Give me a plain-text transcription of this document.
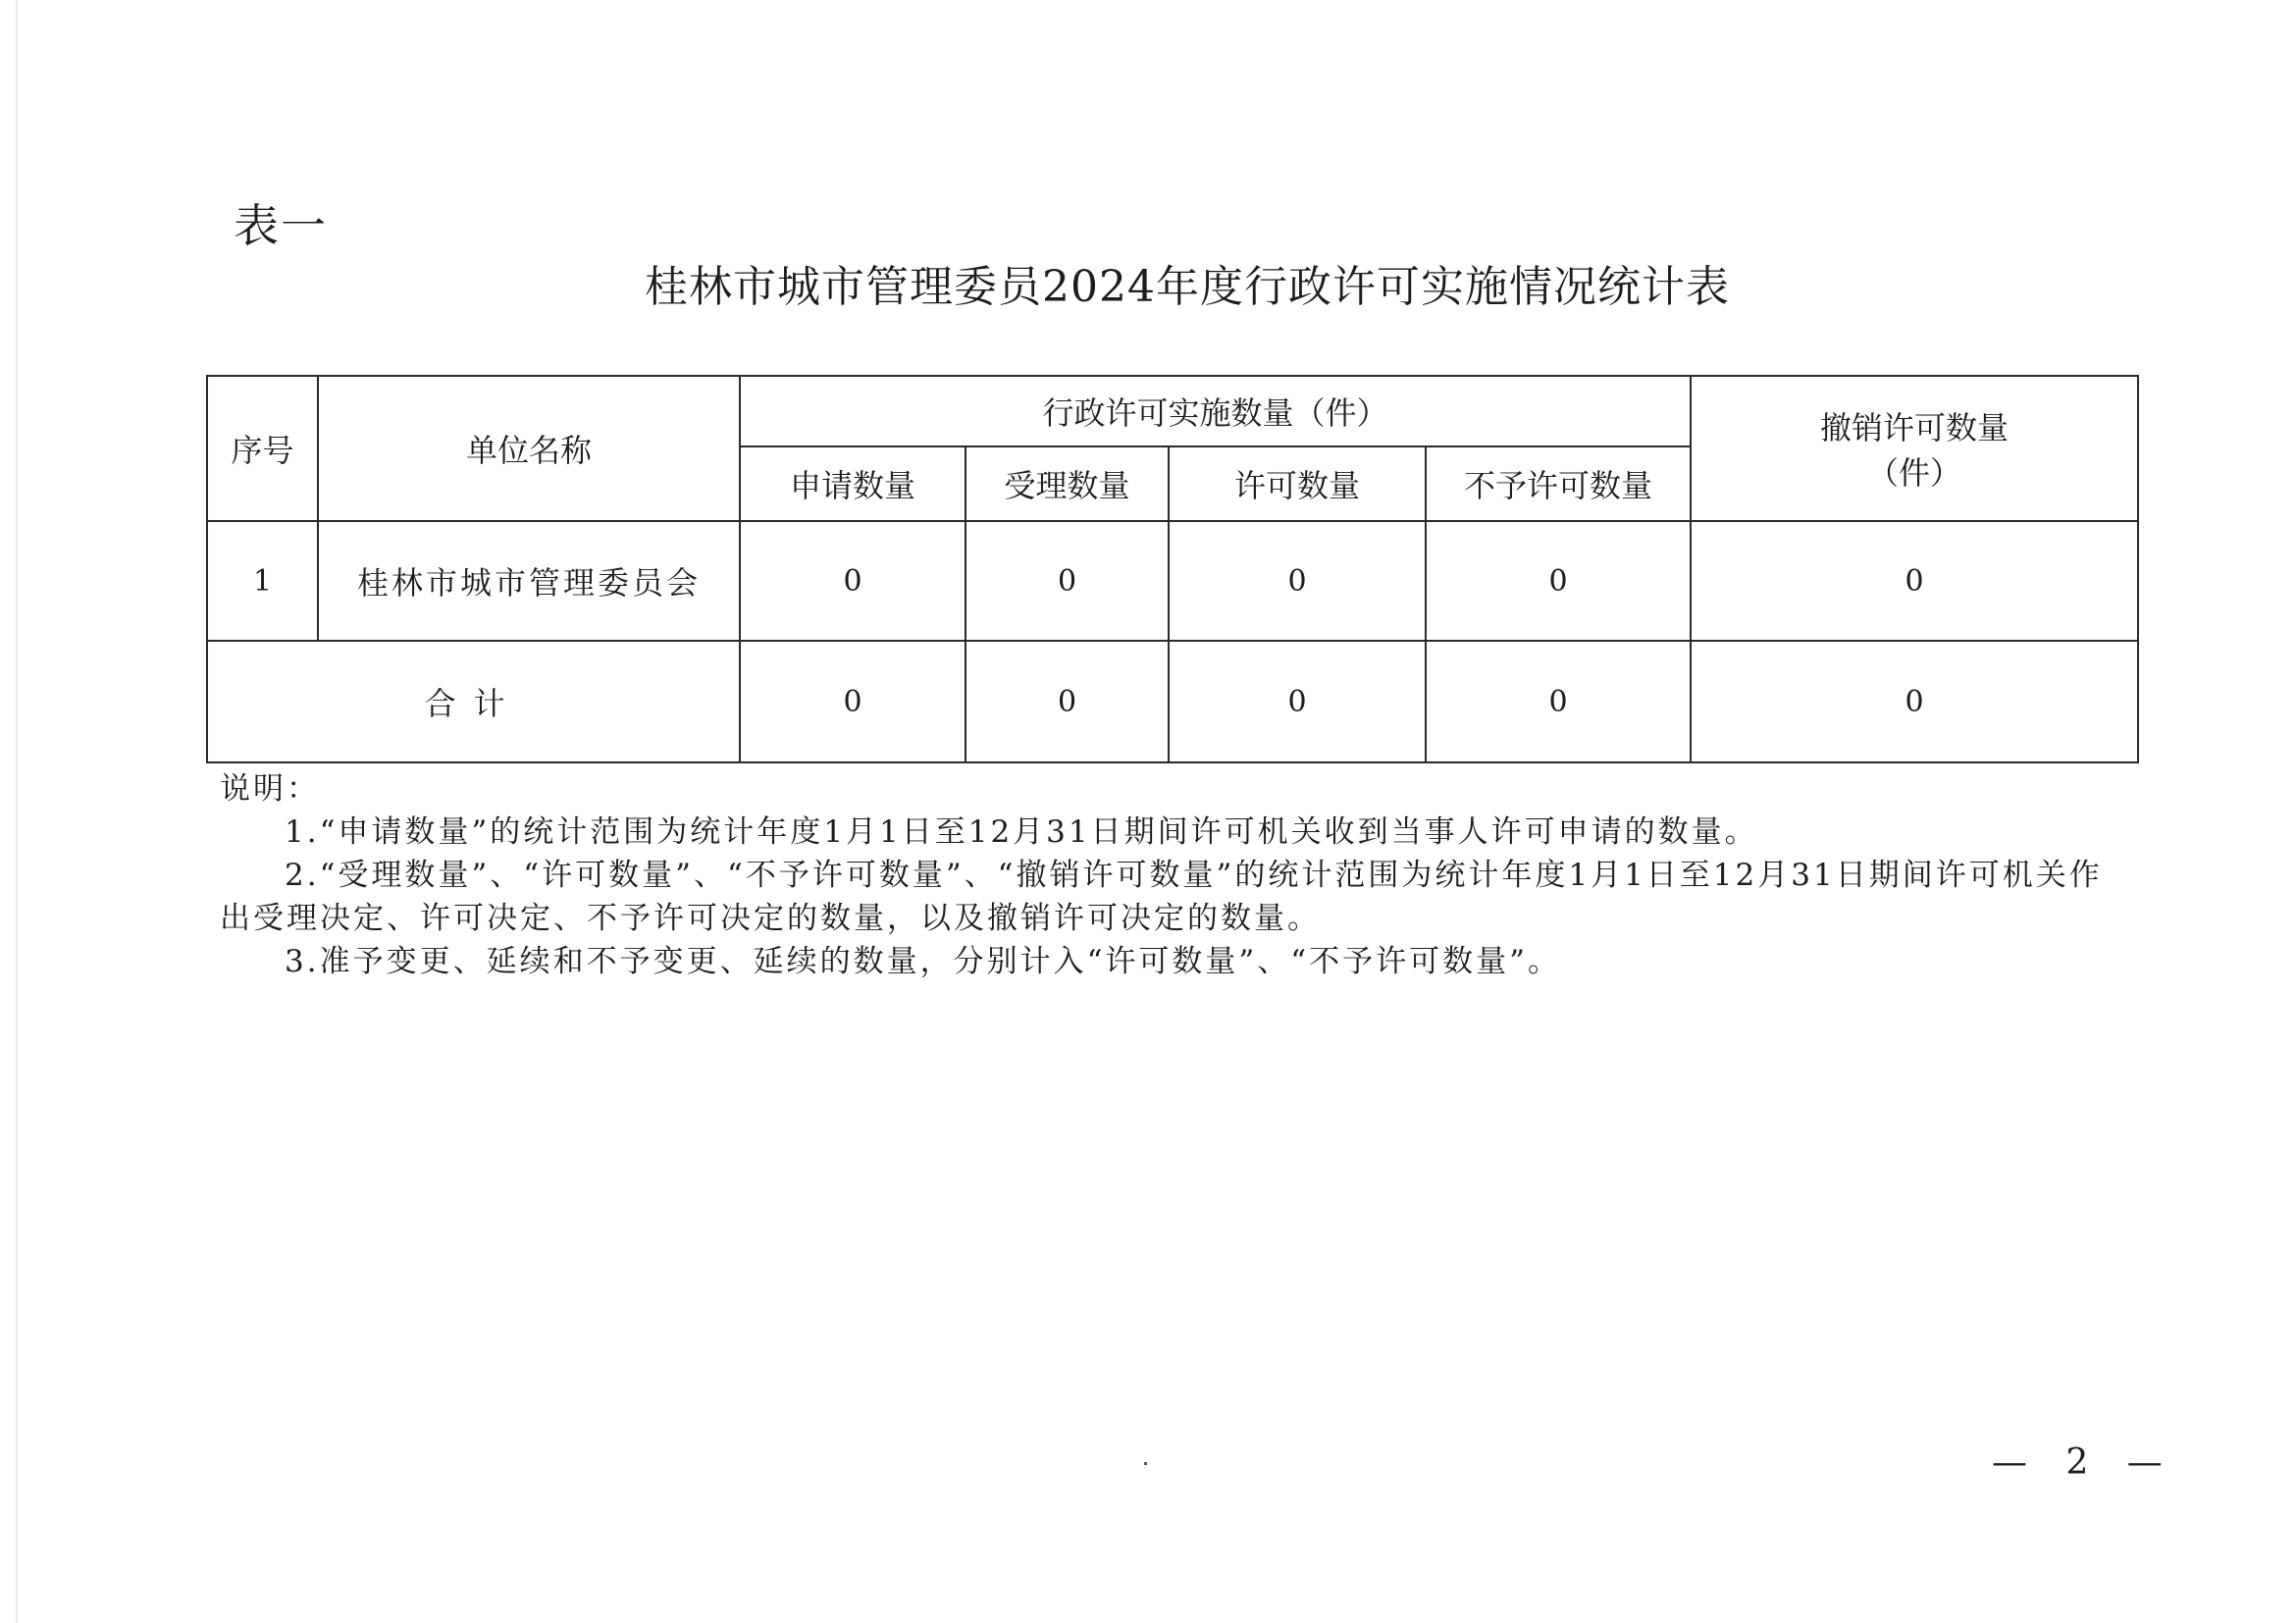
表一
桂林市城市管理委员2024年度行政许可实施情况统计表
序号	单位名称	行政许可实施数量（件）				撤销许可数量
（件）

		申请数量	受理数量	许可数量	不予许可数量	
1	桂林市城市管理委员会	0	0	0	0	0
合计		0	0	0	0	0
说明：
1.“申请数量”的统计范围为统计年度1月1日至12月31日期间许可机关收到当事人许可申请的数量。
2.“受理数量”、“许可数量”、“不予许可数量”、“撤销许可数量”的统计范围为统计年度1月1日至12月31日期间许可机关作
出受理决定、许可决定、不予许可决定的数量，以及撤销许可决定的数量。
3.准予变更、延续和不予变更、延续的数量，分别计入“许可数量”、“不予许可数量”。
— 2 —
